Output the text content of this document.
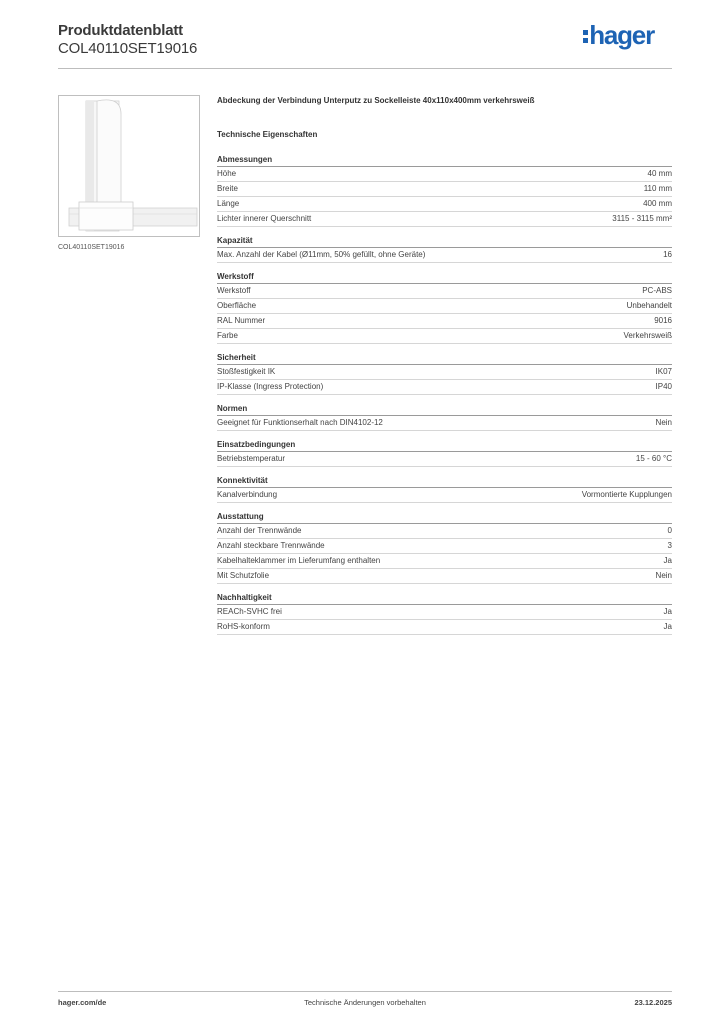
Produktdatenblatt
COL40110SET19016	hager
COL40110SET19016
Abdeckung der Verbindung Unterputz zu Sockelleiste 40x110x400mm verkehrsweiß
Technische Eigenschaften
Abmessungen
Höhe	40 mm
Breite	110 mm
Länge	400 mm
Lichter innerer Querschnitt	3115 - 3115 mm²
Kapazität
Max. Anzahl der Kabel (Ø11mm, 50% gefüllt, ohne Geräte)	16
Werkstoff
Werkstoff	PC-ABS
Oberfläche	Unbehandelt
RAL Nummer	9016
Farbe	Verkehrsweiß
Sicherheit
Stoßfestigkeit IK	IK07
IP-Klasse (Ingress Protection)	IP40
Normen
Geeignet für Funktionserhalt nach DIN4102-12	Nein
Einsatzbedingungen
Betriebstemperatur	15 - 60 °C
Konnektivität
Kanalverbindung	Vormontierte Kupplungen
Ausstattung
Anzahl der Trennwände	0
Anzahl steckbare Trennwände	3
Kabelhalteklammer im Lieferumfang enthalten	Ja
Mit Schutzfolie	Nein
Nachhaltigkeit
REACh-SVHC frei	Ja
RoHS-konform	Ja
hager.com/de	Technische Änderungen vorbehalten	23.12.2025
